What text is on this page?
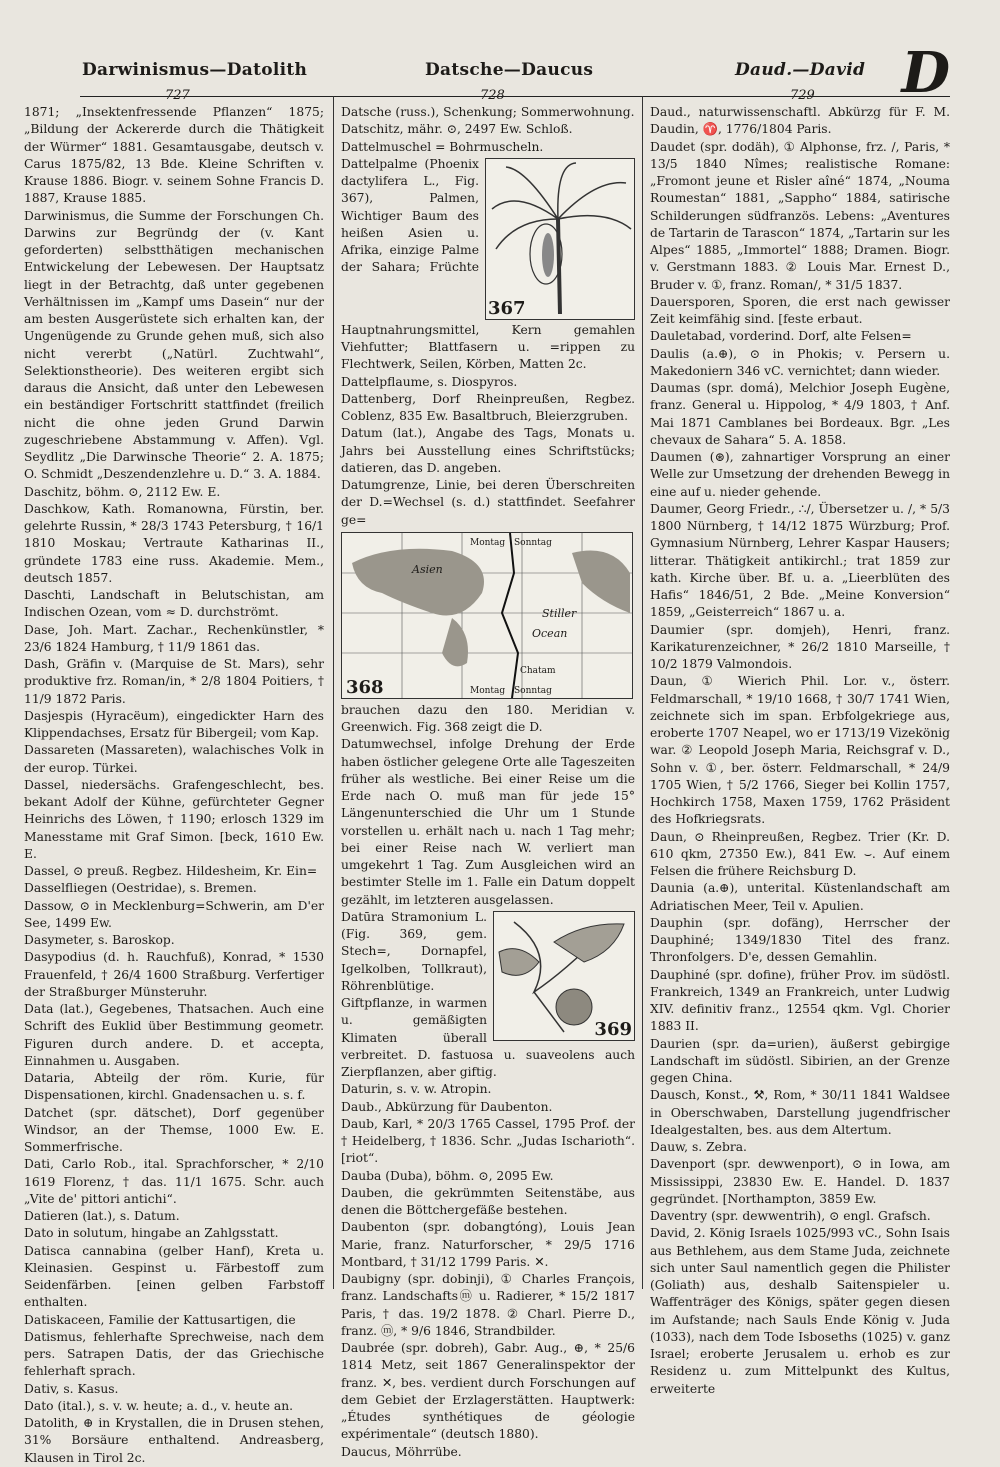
Darwinismus—Datolith	Datsche—Daucus	Daud.—David D
727	728	729

1871; „Insektenfressende Pflanzen“ 1875; „Bildung der Ackererde durch die Thätigkeit der Würmer“ 1881. Gesamtausgabe, deutsch v. Carus 1875/82, 13 Bde. Kleine Schriften v. Krause 1886. Biogr. v. seinem Sohne Francis D. 1887, Krause 1885.

Darwinismus, die Summe der Forschungen Ch. Darwins zur Begründg der (v. Kant geforderten) selbstthätigen mechanischen Entwickelung der Lebewesen. Der Hauptsatz liegt in der Betrachtg, daß unter gegebenen Verhältnissen im „Kampf ums Dasein“ nur der am besten Ausgerüstete sich erhalten kan, der Ungenügende zu Grunde gehen muß, sich also nicht vererbt („Natürl. Zuchtwahl“, Selektionstheorie). Des weiteren ergibt sich daraus die Ansicht, daß unter den Lebewesen ein beständiger Fortschritt stattfindet (freilich nicht die ohne jeden Grund Darwin zugeschriebene Abstammung v. Affen). Vgl. Seydlitz „Die Darwinsche Theorie“ 2. A. 1875; O. Schmidt „Deszendenzlehre u. D.“ 3. A. 1884.

Daschitz, böhm. ⊙, 2112 Ew. E.

Daschkow, Kath. Romanowna, Fürstin, ber. gelehrte Russin, * 28/3 1743 Petersburg, † 16/1 1810 Moskau; Vertraute Katharinas II., gründete 1783 eine russ. Akademie. Mem., deutsch 1857.

Daschti, Landschaft in Belutschistan, am Indischen Ozean, vom ≈ D. durchströmt.

Dase, Joh. Mart. Zachar., Rechenkünstler, * 23/6 1824 Hamburg, † 11/9 1861 das.

Dash, Gräfin v. (Marquise de St. Mars), sehr produktive frz. Roman/in, * 2/8 1804 Poitiers, † 11/9 1872 Paris.

Dasjespis (Hyracëum), eingedickter Harn des Klippendachses, Ersatz für Bibergeil; vom Kap.

Dassareten (Massareten), walachisches Volk in der europ. Türkei.

Dassel, niedersächs. Grafengeschlecht, bes. bekant Adolf der Kühne, gefürchteter Gegner Heinrichs des Löwen, † 1190; erlosch 1329 im Manesstame mit Graf Simon. [beck, 1610 Ew. E.

Dassel, ⊙ preuß. Regbez. Hildesheim, Kr. Ein=

Dasselfliegen (Oestridae), s. Bremen.

Dassow, ⊙ in Mecklenburg=Schwerin, am D'er See, 1499 Ew.

Dasymeter, s. Baroskop.

Dasypodius (d. h. Rauchfuß), Konrad, * 1530 Frauenfeld, † 26/4 1600 Straßburg. Verfertiger der Straßburger Münsteruhr.

Data (lat.), Gegebenes, Thatsachen. Auch eine Schrift des Euklid über Bestimmung geometr. Figuren durch andere. D. et accepta, Einnahmen u. Ausgaben.

Dataria, Abteilg der röm. Kurie, für Dispensationen, kirchl. Gnadensachen u. s. f.

Datchet (spr. dätschet), Dorf gegenüber Windsor, an der Themse, 1000 Ew. E. Sommerfrische.

Dati, Carlo Rob., ital. Sprachforscher, * 2/10 1619 Florenz, † das. 11/1 1675. Schr. auch „Vite de' pittori antichi“.

Datieren (lat.), s. Datum.

Dato in solutum, hingabe an Zahlgsstatt.

Datisca cannabina (gelber Hanf), Kreta u. Kleinasien. Gespinst u. Färbestoff zum Seidenfärben. [einen gelben Farbstoff enthalten.

Datiskaceen, Familie der Kattusartigen, die

Datismus, fehlerhafte Sprechweise, nach dem pers. Satrapen Datis, der das Griechische fehlerhaft sprach.

Dativ, s. Kasus.

Dato (ital.), s. v. w. heute; a. d., v. heute an.

Datolith, ⊕ in Krystallen, die in Drusen stehen, 31% Borsäure enthaltend. Andreasberg, Klausen in Tirol 2c.

Datsche (russ.), Schenkung; Sommerwohnung.

Datschitz, mähr. ⊙, 2497 Ew. Schloß.

Dattelmuschel = Bohrmuscheln.

367

Dattelpalme (Phoenix dactylifera L., Fig. 367), Palmen, Wichtiger Baum des heißen Asien u. Afrika, einzige Palme der Sahara; Früchte Hauptnahrungsmittel, Kern gemahlen Viehfutter; Blattfasern u. =rippen zu Flechtwerk, Seilen, Körben, Matten 2c.

Dattelpflaume, s. Diospyros.

Dattenberg, Dorf Rheinpreußen, Regbez. Coblenz, 835 Ew. Basaltbruch, Bleierzgruben.

Datum (lat.), Angabe des Tags, Monats u. Jahrs bei Ausstellung eines Schriftstücks; datieren, das D. angeben.

Datumgrenze, Linie, bei deren Überschreiten der D.=Wechsel (s. d.) stattfindet. Seefahrer ge=

Asien
Montag Sonntag
Stiller
Ocean
Montag Sonntag
Chatam
368

brauchen dazu den 180. Meridian v. Greenwich. Fig. 368 zeigt die D.

Datumwechsel, infolge Drehung der Erde haben östlicher gelegene Orte alle Tageszeiten früher als westliche. Bei einer Reise um die Erde nach O. muß man für jede 15° Längenunterschied die Uhr um 1 Stunde vorstellen u. erhält nach u. nach 1 Tag mehr; bei einer Reise nach W. verliert man umgekehrt 1 Tag. Zum Ausgleichen wird an bestimter Stelle im 1. Falle ein Datum doppelt gezählt, im letzteren ausgelassen.

369

Datūra Stramonium L. (Fig. 369, gem. Stech=, Dornapfel, Igelkolben, Tollkraut), Röhrenblütige. Giftpflanze, in warmen u. gemäßigten Klimaten überall verbreitet. D. fastuosa u. suaveolens auch Zierpflanzen, aber giftig.

Daturin, s. v. w. Atropin.

Daub., Abkürzung für Daubenton.

Daub, Karl, * 20/3 1765 Cassel, 1795 Prof. der † Heidelberg, † 1836. Schr. „Judas Ischarioth“. [riot“.

Dauba (Duba), böhm. ⊙, 2095 Ew.

Dauben, die gekrümmten Seitenstäbe, aus denen die Böttchergefäße bestehen.

Daubenton (spr. dobangtóng), Louis Jean Marie, franz. Naturforscher, * 29/5 1716 Montbard, † 31/12 1799 Paris. ✕.

Daubigny (spr. dobinji), ① Charles François, franz. Landschaftsⓜ u. Radierer, * 15/2 1817 Paris, † das. 19/2 1878. ② Charl. Pierre D., franz. ⓜ, * 9/6 1846, Strandbilder.

Daubrée (spr. dobreh), Gabr. Aug., ⊕, * 25/6 1814 Metz, seit 1867 Generalinspektor der franz. ✕, bes. verdient durch Forschungen auf dem Gebiet der Erzlagerstätten. Hauptwerk: „Études synthétiques de géologie expérimentale“ (deutsch 1880).

Daucus, Möhrrübe.

Daud., naturwissenschaftl. Abkürzg für F. M. Daudin, ♈, 1776/1804 Paris.

Daudet (spr. dodäh), ① Alphonse, frz. /, Paris, * 13/5 1840 Nîmes; realistische Romane: „Fromont jeune et Risler aîné“ 1874, „Nouma Roumestan“ 1881, „Sappho“ 1884, satirische Schilderungen südfranzös. Lebens: „Aventures de Tartarin de Tarascon“ 1874, „Tartarin sur les Alpes“ 1885, „Immortel“ 1888; Dramen. Biogr. v. Gerstmann 1883. ② Louis Mar. Ernest D., Bruder v. ①, franz. Roman/, * 31/5 1837.

Dauersporen, Sporen, die erst nach gewisser Zeit keimfähig sind. [feste erbaut.

Dauletabad, vorderind. Dorf, alte Felsen=

Daulis (a.⊕), ⊙ in Phokis; v. Persern u. Makedoniern 346 vC. vernichtet; dann wieder.

Daumas (spr. domá), Melchior Joseph Eugène, franz. General u. Hippolog, * 4/9 1803, † Anf. Mai 1871 Camblanes bei Bordeaux. Bgr. „Les chevaux de Sahara“ 5. A. 1858.

Daumen (⊛), zahnartiger Vorsprung an einer Welle zur Umsetzung der drehenden Bewegg in eine auf u. nieder gehende.

Daumer, Georg Friedr., ∴/, Übersetzer u. /, * 5/3 1800 Nürnberg, † 14/12 1875 Würzburg; Prof. Gymnasium Nürnberg, Lehrer Kaspar Hausers; litterar. Thätigkeit antikirchl.; trat 1859 zur kath. Kirche über. Bf. u. a. „Lieerblüten des Hafis“ 1846/51, 2 Bde. „Meine Konversion“ 1859, „Geisterreich“ 1867 u. a.

Daumier (spr. domjeh), Henri, franz. Karikaturenzeichner, * 26/2 1810 Marseille, † 10/2 1879 Valmondois.

Daun, ① Wierich Phil. Lor. v., österr. Feldmarschall, * 19/10 1668, † 30/7 1741 Wien, zeichnete sich im span. Erbfolgekriege aus, eroberte 1707 Neapel, wo er 1713/19 Vizekönig war. ② Leopold Joseph Maria, Reichsgraf v. D., Sohn v. ①, ber. österr. Feldmarschall, * 24/9 1705 Wien, † 5/2 1766, Sieger bei Kollin 1757, Hochkirch 1758, Maxen 1759, 1762 Präsident des Hofkriegsrats.

Daun, ⊙ Rheinpreußen, Regbez. Trier (Kr. D. 610 qkm, 27350 Ew.), 841 Ew. ⌣. Auf einem Felsen die frühere Reichsburg D.

Daunia (a.⊕), unterital. Küstenlandschaft am Adriatischen Meer, Teil v. Apulien.

Dauphin (spr. dofäng), Herrscher der Dauphiné; 1349/1830 Titel des franz. Thronfolgers. D'e, dessen Gemahlin.

Dauphiné (spr. dofine), früher Prov. im südöstl. Frankreich, 1349 an Frankreich, unter Ludwig XIV. definitiv franz., 12554 qkm. Vgl. Chorier 1883 II.

Daurien (spr. da=urien), äußerst gebirgige Landschaft im südöstl. Sibirien, an der Grenze gegen China.

Dausch, Konst., ⚒, Rom, * 30/11 1841 Waldsee in Oberschwaben, Darstellung jugendfrischer Idealgestalten, bes. aus dem Altertum.

Dauw, s. Zebra.

Davenport (spr. dewwenport), ⊙ in Iowa, am Mississippi, 23830 Ew. E. Handel. D. 1837 gegründet. [Northampton, 3859 Ew.

Daventry (spr. dewwentrih), ⊙ engl. Grafsch.

David, 2. König Israels 1025/993 vC., Sohn Isais aus Bethlehem, aus dem Stame Juda, zeichnete sich unter Saul namentlich gegen die Philister (Goliath) aus, deshalb Saitenspieler u. Waffenträger des Königs, später gegen diesen im Aufstande; nach Sauls Ende König v. Juda (1033), nach dem Tode Isboseths (1025) v. ganz Israel; eroberte Jerusalem u. erhob es zur Residenz u. zum Mittelpunkt des Kultus, erweiterte
